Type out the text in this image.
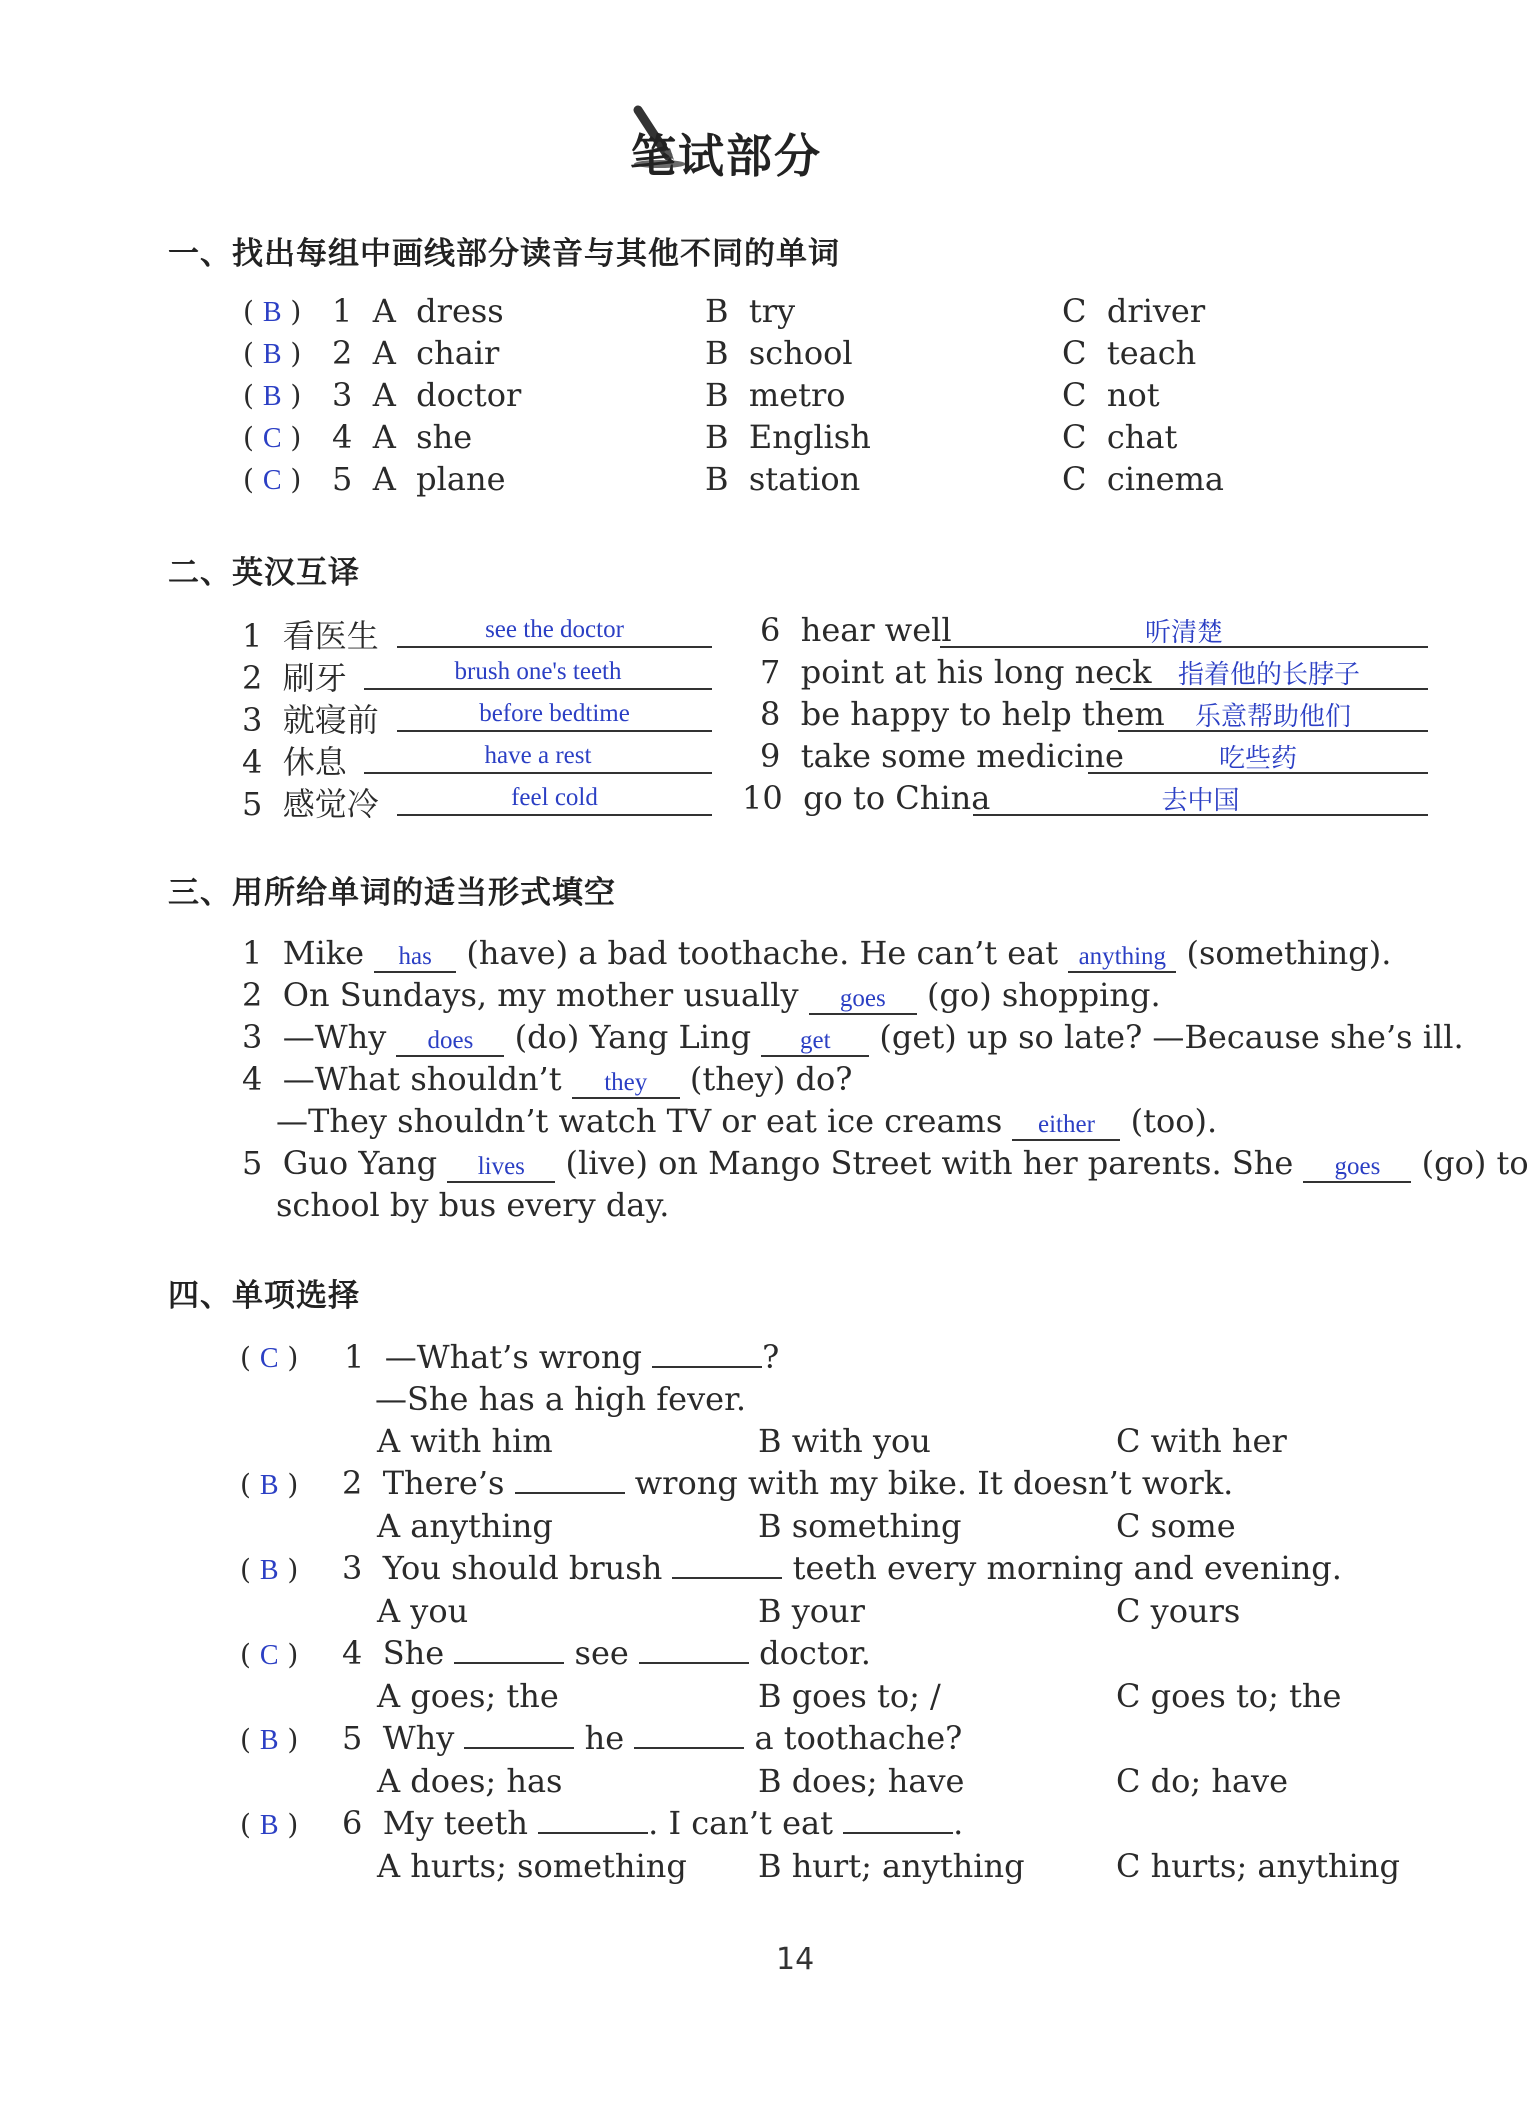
笔试部分
一、找出每组中画线部分读音与其他不同的单词
( B ) 1  A  dress	B  try	C  driver
( B ) 2  A  chair	B  school	C  teach
( B ) 3  A  doctor	B  metro	C  not
( C ) 4  A  she	B  English	C  chat
( C ) 5  A  plane	B  station	C  cinema
二、英汉互译
1 看医生	see the doctor
2 刷牙	brush one's teeth
3 就寝前	before bedtime
4 休息	have a rest
5 感觉冷	feel cold
6 hear well	听清楚
7 point at his long neck	指着他的长脖子
8 be happy to help them	乐意帮助他们
9 take some medicine	吃些药
10 go to China	去中国
三、用所给单词的适当形式填空
1 Mike has (have) a bad toothache. He can’t eat anything (something).
2 On Sundays, my mother usually goes (go) shopping.
3 —Why does (do) Yang Ling get (get) up so late? —Because she’s ill.
4 —What shouldn’t they (they) do?
—They shouldn’t watch TV or eat ice creams either (too).
5 Guo Yang lives (live) on Mango Street with her parents. She goes (go) to
school by bus every day.
四、单项选择
( C ) 1 —What’s wrong	?
—She has a high fever.
A with him	B with you	C with her
( B ) 2 There’s	wrong with my bike. It doesn’t work.
A anything	B something	C some
( B ) 3 You should brush	teeth every morning and evening.
A you	B your	C yours
( C ) 4 She	see	doctor.
A goes; the	B goes to; /	C goes to; the
( B ) 5 Why	he	a toothache?
A does; has	B does; have	C do; have
( B ) 6 My teeth	. I can’t eat	.
A hurts; something B hurt; anything	C hurts; anything
14
